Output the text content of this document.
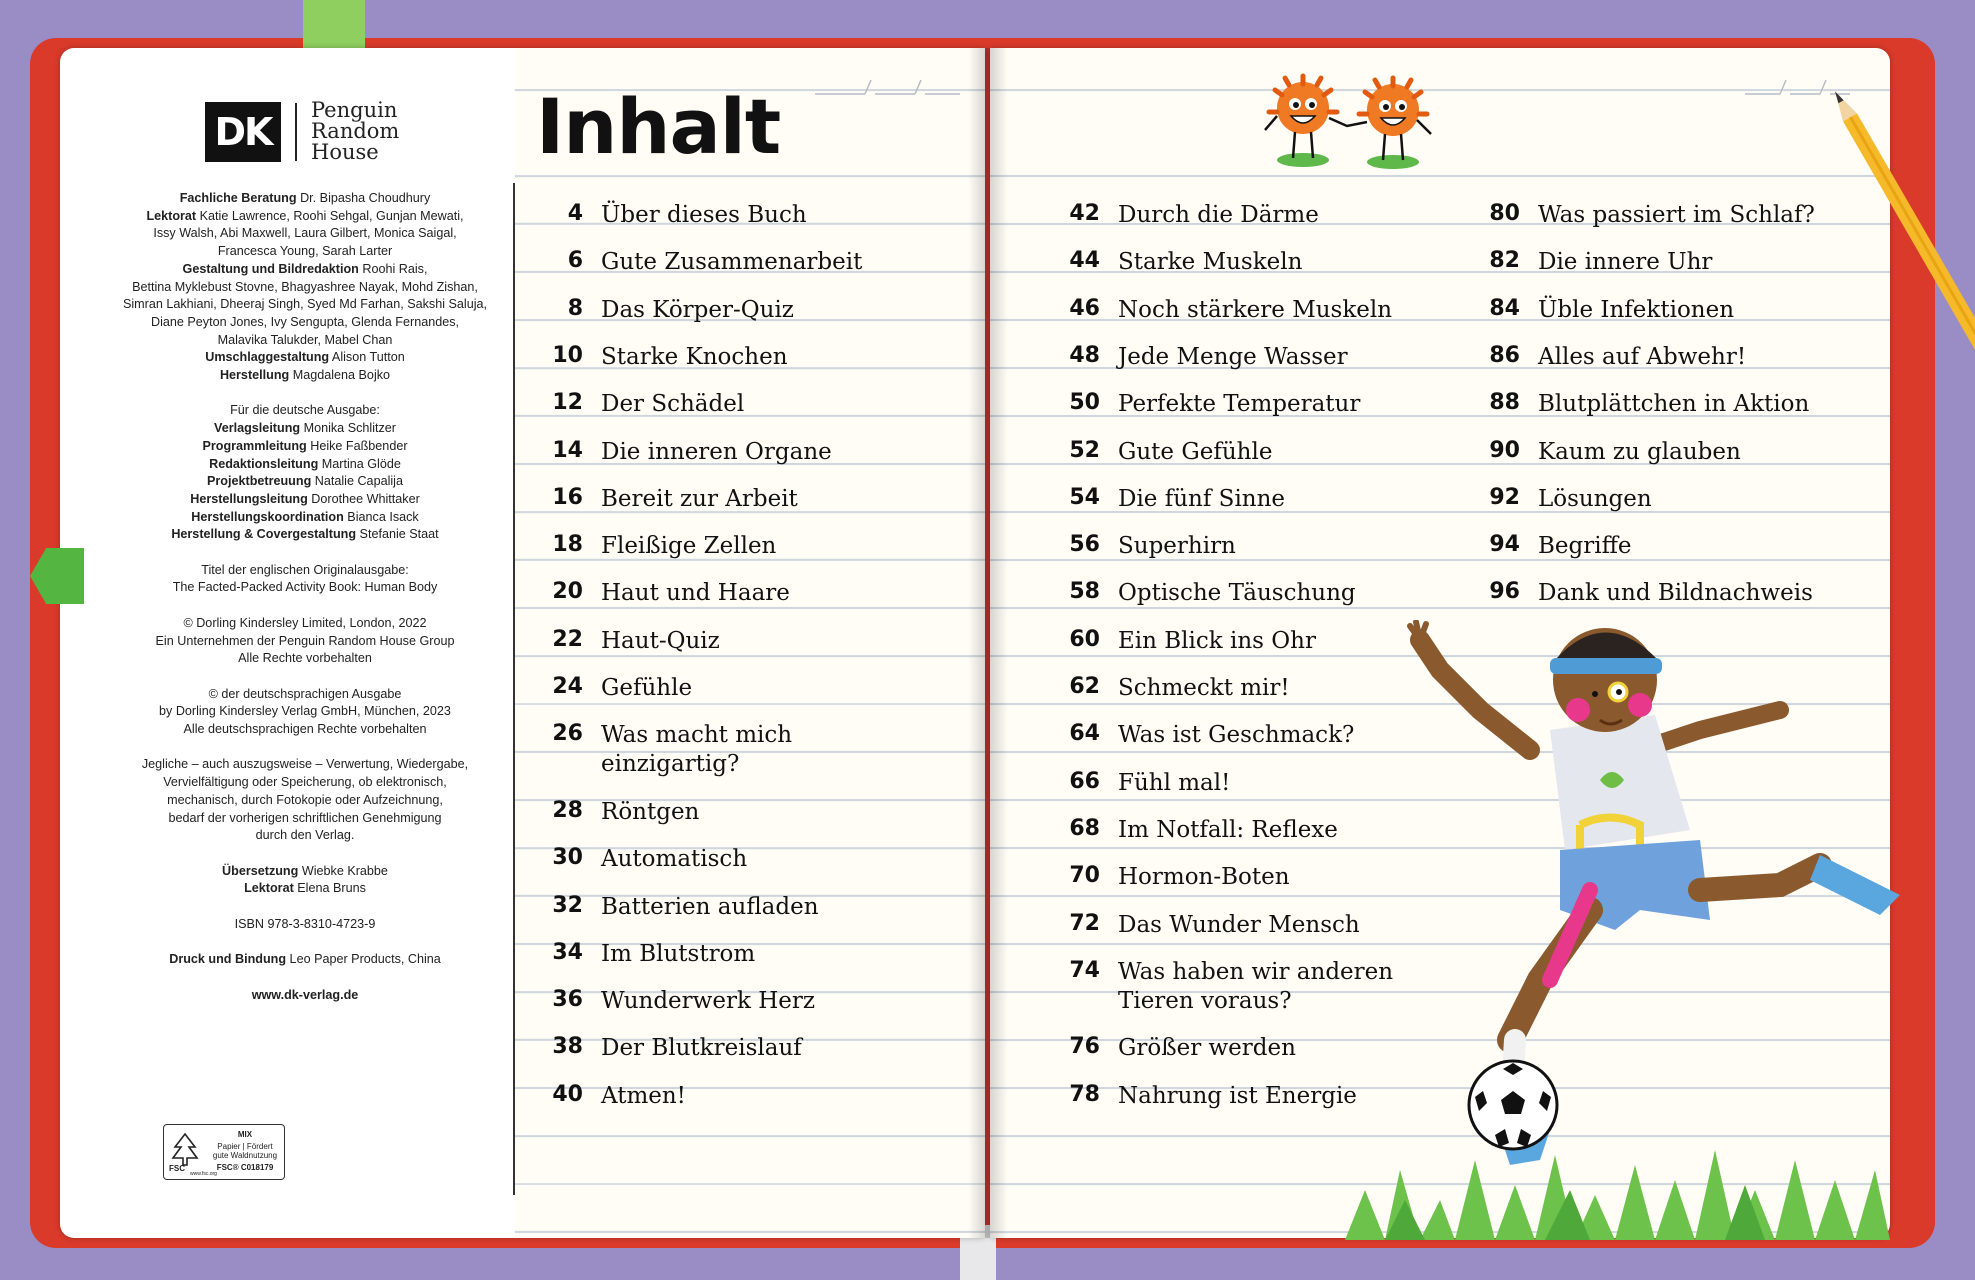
DK	Penguin
Random
House

Fachliche Beratung Dr. Bipasha Choudhury

Lektorat Katie Lawrence, Roohi Sehgal, Gunjan Mewati,

Issy Walsh, Abi Maxwell, Laura Gilbert, Monica Saigal,

Francesca Young, Sarah Larter

Gestaltung und Bildredaktion Roohi Rais,

Bettina Myklebust Stovne, Bhagyashree Nayak, Mohd Zishan,

Simran Lakhiani, Dheeraj Singh, Syed Md Farhan, Sakshi Saluja,

Diane Peyton Jones, Ivy Sengupta, Glenda Fernandes,

Malavika Talukder, Mabel Chan

Umschlaggestaltung Alison Tutton

Herstellung Magdalena Bojko

Für die deutsche Ausgabe:

Verlagsleitung Monika Schlitzer

Programmleitung Heike Faßbender

Redaktionsleitung Martina Glöde

Projektbetreuung Natalie Capalija

Herstellungsleitung Dorothee Whittaker

Herstellungskoordination Bianca Isack

Herstellung & Covergestaltung Stefanie Staat

Titel der englischen Originalausgabe:

The Facted-Packed Activity Book: Human Body

© Dorling Kindersley Limited, London, 2022

Ein Unternehmen der Penguin Random House Group

Alle Rechte vorbehalten

© der deutschsprachigen Ausgabe

by Dorling Kindersley Verlag GmbH, München, 2023

Alle deutschsprachigen Rechte vorbehalten

Jegliche – auch auszugsweise – Verwertung, Wiedergabe,

Vervielfältigung oder Speicherung, ob elektronisch,

mechanisch, durch Fotokopie oder Aufzeichnung,

bedarf der vorherigen schriftlichen Genehmigung

durch den Verlag.

Übersetzung Wiebke Krabbe

Lektorat Elena Bruns

ISBN 978-3-8310-4723-9

Druck und Bindung Leo Paper Products, China

www.dk-verlag.de

MIX
Papier | Fördert
gute Waldnutzung
FSC® C018179
FSC
www.fsc.org
Inhalt
4 Über dieses Buch
6 Gute Zusammenarbeit
8 Das Körper-Quiz
10 Starke Knochen
12 Der Schädel
14 Die inneren Organe
16 Bereit zur Arbeit
18 Fleißige Zellen
20 Haut und Haare
22 Haut-Quiz
24 Gefühle
26 Was macht mich
einzigartig?
28 Röntgen
30 Automatisch
32 Batterien aufladen
34 Im Blutstrom
36 Wunderwerk Herz
38 Der Blutkreislauf
40 Atmen!
42 Durch die Därme
44 Starke Muskeln
46 Noch stärkere Muskeln
48 Jede Menge Wasser
50 Perfekte Temperatur
52 Gute Gefühle
54 Die fünf Sinne
56 Superhirn
58 Optische Täuschung
60 Ein Blick ins Ohr
62 Schmeckt mir!
64 Was ist Geschmack?
66 Fühl mal!
68 Im Notfall: Reflexe
70 Hormon-Boten
72 Das Wunder Mensch
74 Was haben wir anderen
Tieren voraus?
76 Größer werden
78 Nahrung ist Energie
80 Was passiert im Schlaf?
82 Die innere Uhr
84 Üble Infektionen
86 Alles auf Abwehr!
88 Blutplättchen in Aktion
90 Kaum zu glauben
92 Lösungen
94 Begriffe
96 Dank und Bildnachweis
